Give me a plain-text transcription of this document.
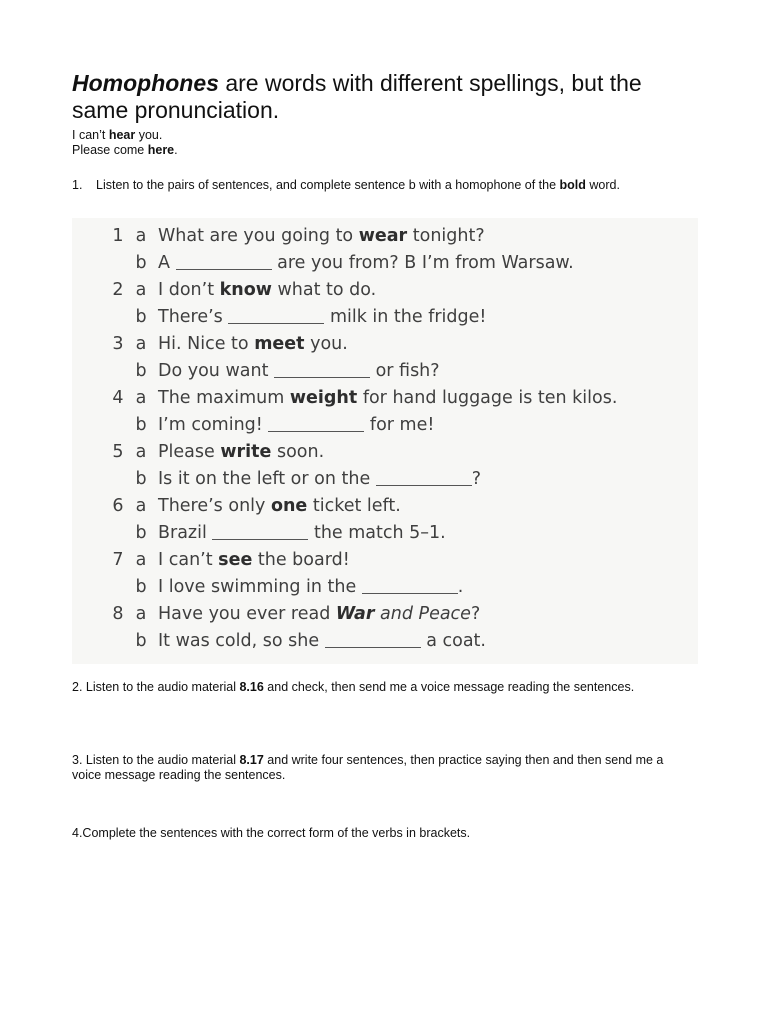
Homophones are words with different spellings, but the same pronunciation.
I can’t hear you.
Please come here.
1.	Listen to the pairs of sentences, and complete sentence b with a homophone of the bold word.
1 a What are you going to wear tonight?
b A	are you from? B I’m from Warsaw.
2 a I don’t know what to do.
b There’s	milk in the fridge!
3 a Hi. Nice to meet you.
b Do you want	or fish?
4 a The maximum weight for hand luggage is ten kilos.
b I’m coming!	for me!
5 a Please write soon.
b Is it on the left or on the	?
6 a There’s only one ticket left.
b Brazil	the match 5–1.
7 a I can’t see the board!
b I love swimming in the	.
8 a Have you ever read War and Peace?
b It was cold, so she	a coat.
2. Listen to the audio material 8.16 and check, then send me a voice message reading the sentences.
3. Listen to the audio material 8.17 and write four sentences, then practice saying then and then send me a voice message reading the sentences.
4.Complete the sentences with the correct form of the verbs in brackets.
